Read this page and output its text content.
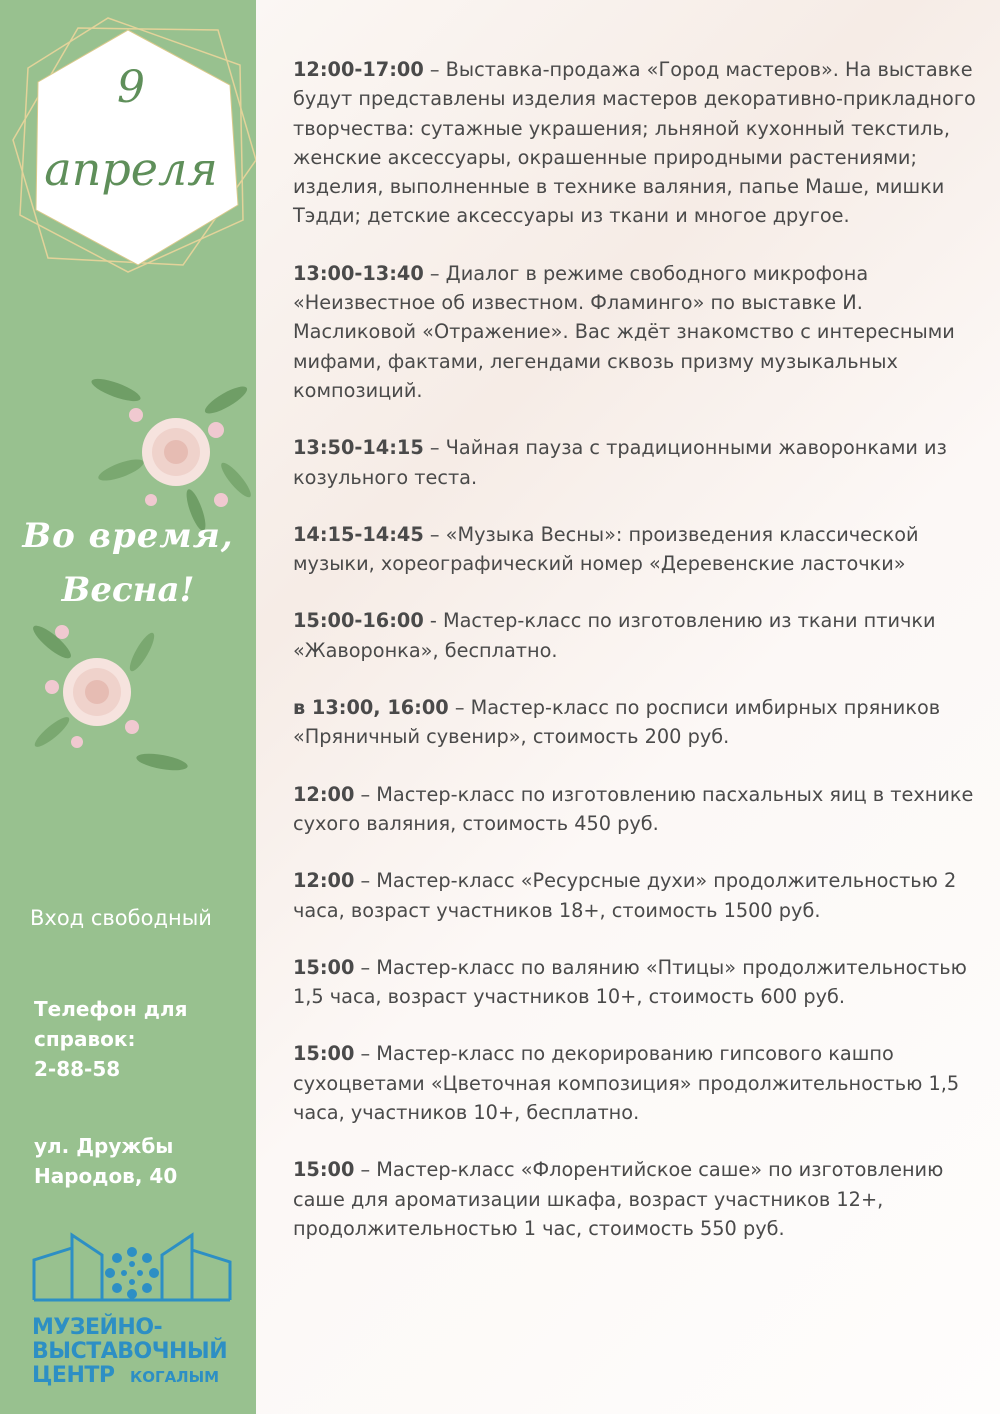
9
апреля
Во время,
Весна!
Вход свободный
Телефон для справок:
2-88-58
ул. Дружбы Народов, 40
МУЗЕЙНО-
ВЫСТАВОЧНЫЙ
ЦЕНТР КОГАЛЫМ

12:00-17:00 – Выставка-продажа «Город мастеров». На выставке будут представлены изделия мастеров декоративно-прикладного творчества: сутажные украшения; льняной кухонный текстиль, женские аксессуары, окрашенные природными растениями; изделия, выполненные в технике валяния, папье Маше, мишки Тэдди; детские аксессуары из ткани и многое другое.

13:00-13:40 – Диалог в режиме свободного микрофона «Неизвестное об известном. Фламинго» по выставке И. Масликовой «Отражение». Вас ждёт знакомство с интересными мифами, фактами, легендами сквозь призму музыкальных композиций.

13:50-14:15 – Чайная пауза с традиционными жаворонками из козульного теста.

14:15-14:45 – «Музыка Весны»: произведения классической музыки, хореографический номер «Деревенские ласточки»

15:00-16:00 - Мастер-класс по изготовлению из ткани птички «Жаворонка», бесплатно.

в 13:00, 16:00 – Мастер-класс по росписи имбирных пряников «Пряничный сувенир», стоимость 200 руб.

12:00 – Мастер-класс по изготовлению пасхальных яиц в технике сухого валяния, стоимость 450 руб.

12:00 – Мастер-класс «Ресурсные духи» продолжительностью 2 часа, возраст участников 18+, стоимость 1500 руб.

15:00 – Мастер-класс по валянию «Птицы» продолжительностью 1,5 часа, возраст участников 10+, стоимость 600 руб.

15:00 – Мастер-класс по декорированию гипсового кашпо сухоцветами «Цветочная композиция» продолжительностью 1,5 часа, участников 10+, бесплатно.

15:00 – Мастер-класс «Флорентийское саше» по изготовлению саше для ароматизации шкафа, возраст участников 12+, продолжительностью 1 час, стоимость 550 руб.
